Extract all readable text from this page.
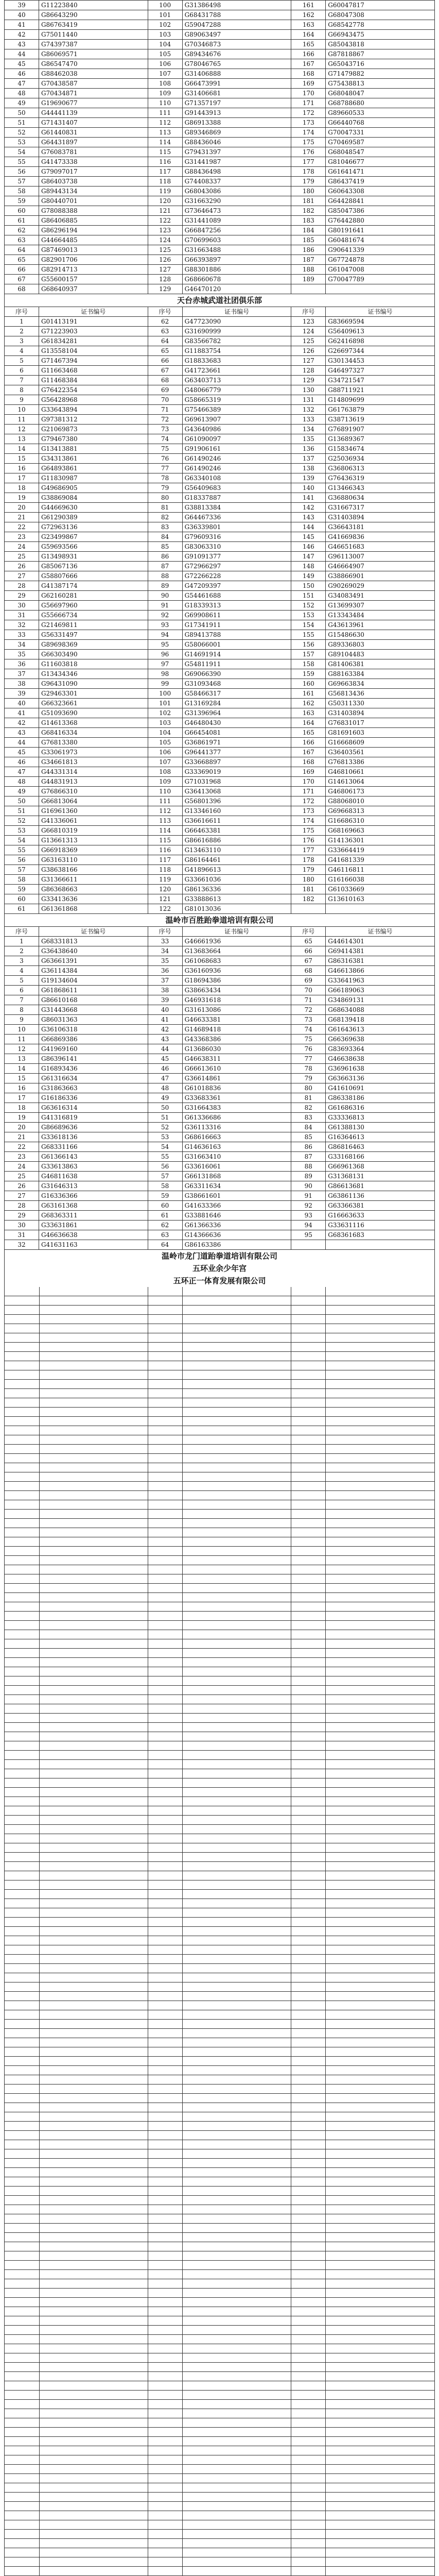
39	G11223840	100	G31386498	161	G60047817
40	G86643290	101	G68431788	162	G68047308
41	G86763419	102	G59047288	163	G68542778
42	G75011440	103	G89063497	164	G66943475
43	G74397387	104	G70346873	165	G85043818
44	G86069571	105	G89434676	166	G87818867
45	G86547470	106	G78046765	167	G65043716
46	G88462038	107	G31406888	168	G71479882
47	G70438587	108	G66473991	169	G75438813
48	G70434871	109	G31406681	170	G68048047
49	G19690677	110	G71357197	171	G68788680
50	G44441139	111	G91443913	172	G89660533
51	G71431407	112	G86913388	173	G66440768
52	G61440831	113	G89346869	174	G70047331
53	G64431897	114	G88436046	175	G70469587
54	G76083781	115	G79431397	176	G68048547
55	G41473338	116	G31441987	177	G81046677
56	G79097017	117	G88436498	178	G61641471
57	G86403738	118	G74408337	179	G86437419
58	G89443134	119	G68043086	180	G60643308
59	G80440701	120	G31663290	181	G64428841
60	G78088388	121	G73646473	182	G85047386
61	G86406885	122	G31441089	183	G76442880
62	G86296194	123	G66847256	184	G80191641
63	G44664485	124	G70699603	185	G60481674
64	G87469013	125	G31663488	186	G90641339
65	G82901706	126	G66393897	187	G67724878
66	G82914713	127	G88301886	188	G61047008
67	G55600157	128	G68660678	189	G70047789
68	G68640937	129	G46470120		
天台赤城武道社团俱乐部
序号	证书编号	序号	证书编号	序号	证书编号
1	G01413191	62	G47723090	123	G83669594
2	G71223903	63	G31690999	124	G56409613
3	G61834281	64	G83566782	125	G62416898
4	G13558104	65	G11883754	126	G26697344
5	G71467394	66	G18833683	127	G30134453
6	G11663468	67	G41723661	128	G46497327
7	G11468384	68	G63403713	129	G34721547
8	G76422354	69	G48066779	130	G88711921
9	G56428968	70	G58665319	131	G14809699
10	G33643894	71	G75466389	132	G61763879
11	G97381312	72	G69613907	133	G38713619
12	G21069873	73	G43640986	134	G76891907
13	G79467380	74	G61090097	135	G13689367
14	G13413881	75	G91906161	136	G15834674
15	G34313861	76	G61490246	137	G25036934
16	G64893861	77	G61490246	138	G36806313
17	G11830987	78	G63340108	139	G76436319
18	G49686905	79	G56409683	140	G13466343
19	G38869084	80	G18337887	141	G36880634
20	G44669630	81	G38813384	142	G31667317
21	G61290389	82	G64467336	143	G31403894
22	G72963136	83	G36339801	144	G36643181
23	G23499867	84	G79609316	145	G41669836
24	G59693566	85	G83063310	146	G46651683
25	G13498931	86	G91091377	147	G96113007
26	G85067136	87	G72966297	148	G46664907
27	G58807666	88	G72266228	149	G38866901
28	G41387174	89	G47209397	150	G90269029
29	G62160281	90	G54461688	151	G34083491
30	G56697960	91	G18339313	152	G13699307
31	G55666734	92	G69908611	153	G13343484
32	G21469811	93	G17341911	154	G43613961
33	G56331497	94	G89413788	155	G15486630
34	G89698369	95	G58066001	156	G89336803
35	G66303490	96	G14691914	157	G89104483
36	G11603818	97	G54811911	158	G81406381
37	G13434346	98	G69066390	159	G88163384
38	G96431090	99	G31093468	160	G69663834
39	G29463301	100	G58466317	161	G56813436
40	G66323661	101	G13169284	162	G50311330
41	G51093690	102	G31396964	163	G31403894
42	G14613368	103	G46480430	164	G76831017
43	G68416334	104	G66454081	165	G81691603
44	G76813380	105	G36861971	166	G16668609
45	G33061973	106	G96441377	167	G36403561
46	G34661813	107	G33668897	168	G76813386
47	G44331314	108	G33369019	169	G46810661
48	G44831913	109	G71031968	170	G14613064
49	G76866310	110	G36413068	171	G46806173
50	G66813064	111	G56801396	172	G88068010
51	G16961360	112	G13346160	173	G69668313
52	G41336061	113	G36616611	174	G16686310
53	G66810319	114	G66463381	175	G68169663
54	G13661313	115	G86616886	176	G14136301
55	G66918369	116	G13463110	177	G33664419
56	G63163110	117	G86164461	178	G41681339
57	G38638166	118	G41896613	179	G46116811
58	G31366611	119	G33661036	180	G16166038
59	G86368663	120	G86136336	181	G61033669
60	G33413636	121	G33888613	182	G13610163
61	G61361868	122	G81013036		
温岭市百胜跆拳道培训有限公司
序号	证书编号	序号	证书编号	序号	证书编号
1	G68331813	33	G46661936	65	G44614301
2	G36438640	34	G13683664	66	G69414381
3	G63661391	35	G61068683	67	G86316381
4	G36114384	36	G36160936	68	G46613866
5	G19134604	37	G18694386	69	G33641963
6	G61868611	38	G38663434	70	G66189063
7	G86610168	39	G46931618	71	G34869131
8	G31443668	40	G31613086	72	G68634088
9	G86031363	41	G46633381	73	G68139418
10	G36106318	42	G14689418	74	G61643613
11	G66869386	43	G43368386	75	G66369638
12	G41969160	44	G13686030	76	G83693364
13	G86396141	45	G46638311	77	G46638638
14	G16893436	46	G66613610	78	G36961638
15	G61316634	47	G36614861	79	G63663136
16	G31863663	48	G61018836	80	G41610691
17	G16186336	49	G33683361	81	G86338186
18	G63616314	50	G31664383	82	G61686316
19	G41316819	51	G61336686	83	G33336813
20	G86689636	52	G36113316	84	G61388130
21	G33618136	53	G68616663	85	G16364613
22	G68331166	54	G14636163	86	G86816463
23	G61366143	55	G31663410	87	G33168166
24	G33613863	56	G33616061	88	G66961368
25	G46811638	57	G66131868	89	G31368131
26	G31646313	58	G63311634	90	G86613681
27	G16336366	59	G38661601	91	G63861136
28	G63161368	60	G41633366	92	G63366381
29	G68363311	61	G33881646	93	G16663633
30	G33631861	62	G61366336	94	G33631116
31	G46636638	63	G14366636	95	G68361683
32	G41631163	64	G86163386		
温岭市龙门道跆拳道培训有限公司
五环业余少年宫
五环正一体育发展有限公司
